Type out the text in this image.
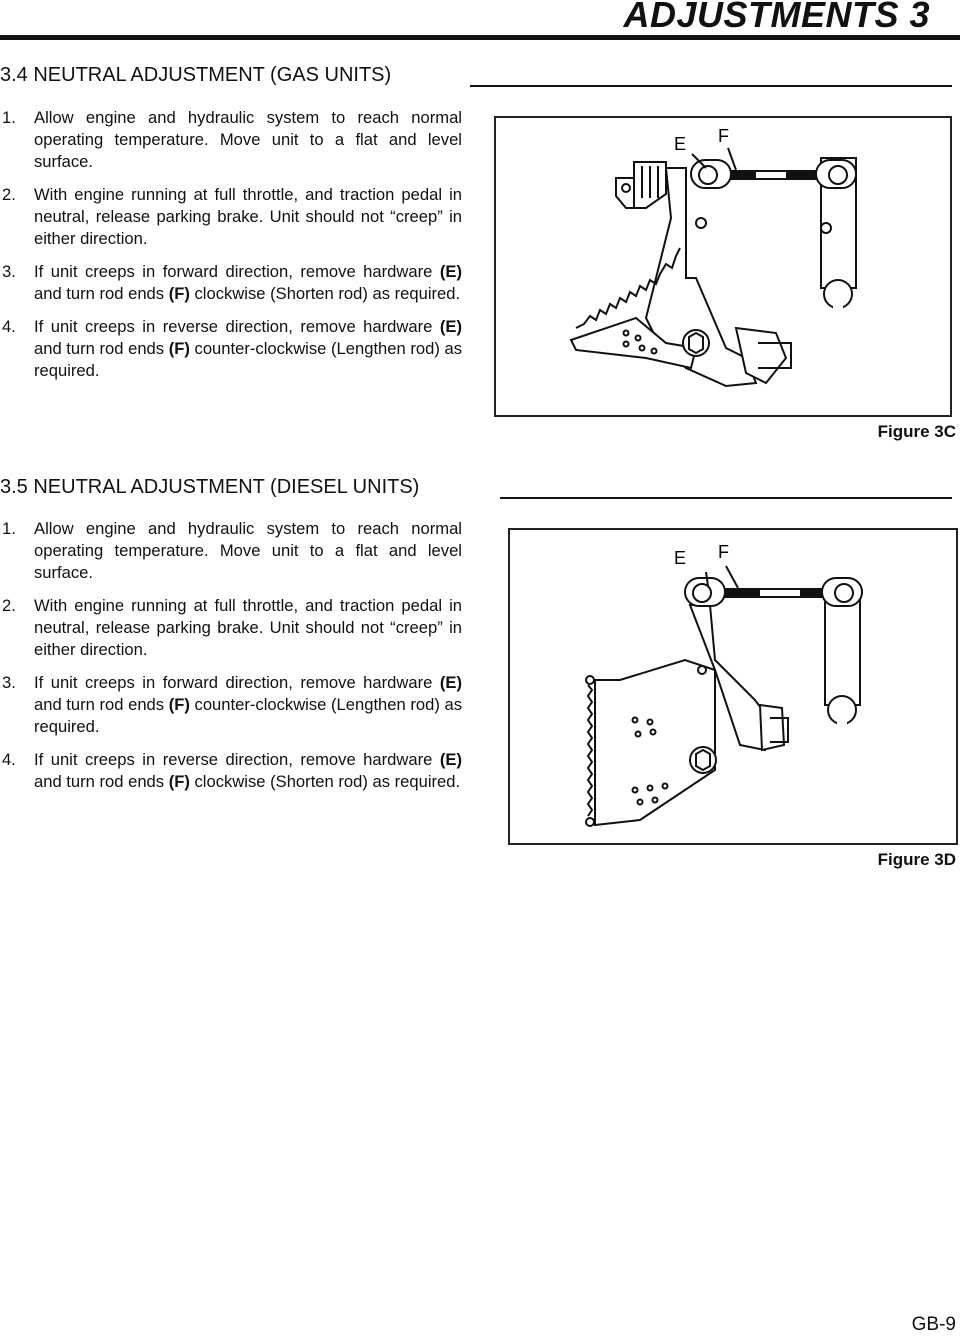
ADJUSTMENTS 3
3.4 NEUTRAL ADJUSTMENT (GAS UNITS)
1.	Allow engine and hydraulic system to reach normal operating temperature. Move unit to a flat and level surface.
2.	With engine running at full throttle, and traction pedal in neutral, release parking brake. Unit should not “creep” in either direction.
3.	If unit creeps in forward direction, remove hardware (E) and turn rod ends (F) clockwise (Shorten rod) as required.
4.	If unit creeps in reverse direction, remove hardware (E) and turn rod ends (F) counter-clockwise (Lengthen rod) as required.
E F
Figure 3C
3.5 NEUTRAL ADJUSTMENT (DIESEL UNITS)
1.	Allow engine and hydraulic system to reach normal operating temperature. Move unit to a flat and level surface.
2.	With engine running at full throttle, and traction pedal in neutral, release parking brake. Unit should not “creep” in either direction.
3.	If unit creeps in forward direction, remove hardware (E) and turn rod ends (F) counter-clockwise (Lengthen rod) as required.
4.	If unit creeps in reverse direction, remove hardware (E) and turn rod ends (F) clockwise (Shorten rod) as required.
E F
Figure 3D
GB-9
